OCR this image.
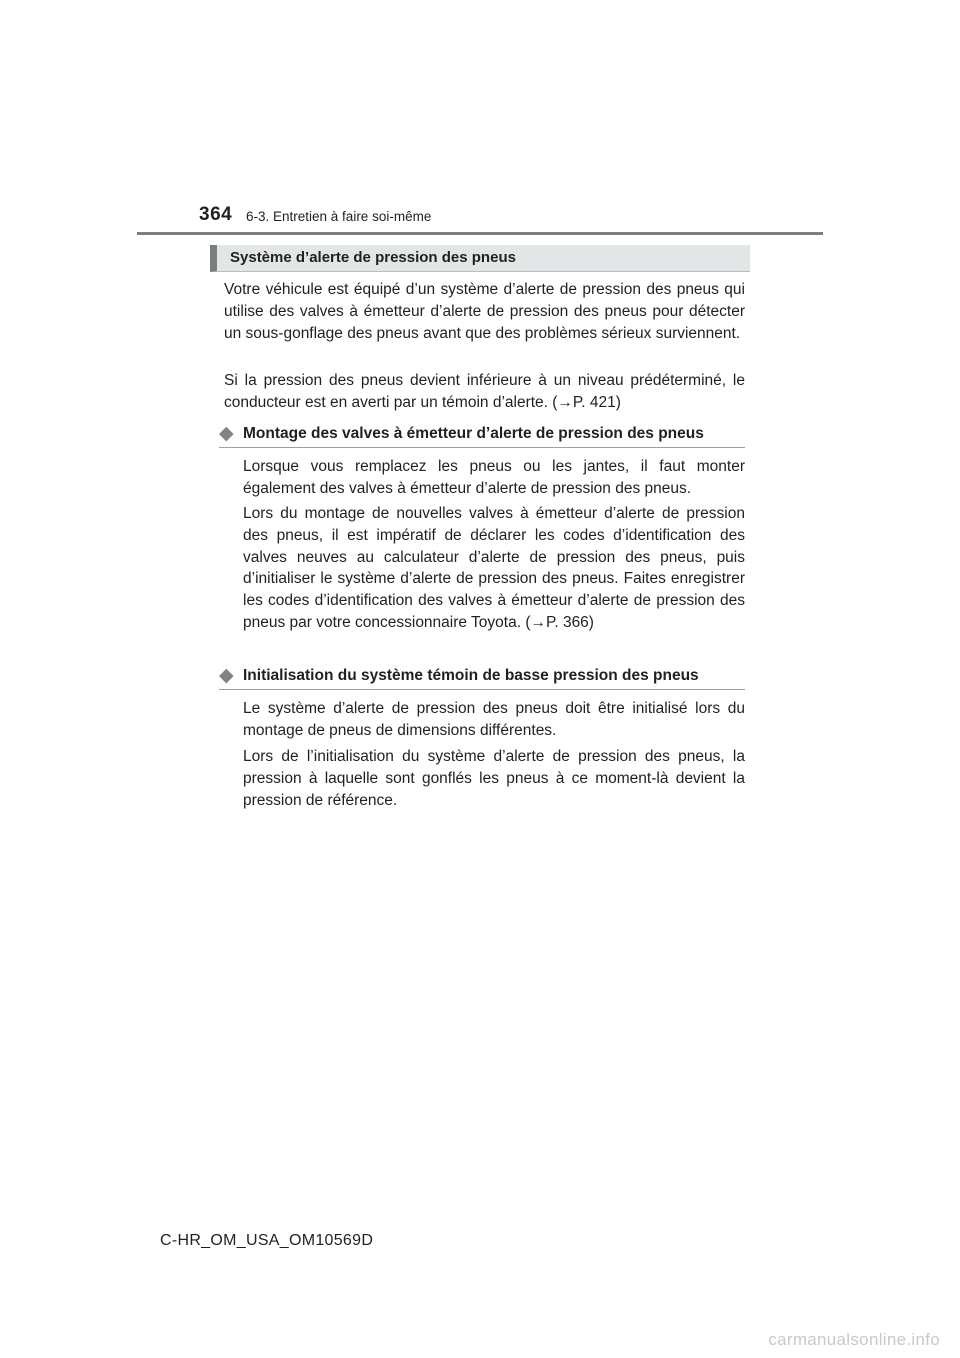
364 6-3. Entretien à faire soi-même
Système d’alerte de pression des pneus

Votre véhicule est équipé d’un système d’alerte de pression des pneus qui utilise des valves à émetteur d’alerte de pression des pneus pour détecter un sous-gonflage des pneus avant que des problèmes sérieux surviennent.

Si la pression des pneus devient inférieure à un niveau prédéterminé, le conducteur est en averti par un témoin d’alerte. (→P. 421)

◆ Montage des valves à émetteur d’alerte de pression des pneus

Lorsque vous remplacez les pneus ou les jantes, il faut monter également des valves à émetteur d’alerte de pression des pneus.

Lors du montage de nouvelles valves à émetteur d’alerte de pression des pneus, il est impératif de déclarer les codes d’identification des valves neuves au calculateur d’alerte de pression des pneus, puis d’initialiser le système d’alerte de pression des pneus. Faites enregistrer les codes d’identification des valves à émetteur d’alerte de pression des pneus par votre concessionnaire Toyota. (→P. 366)

◆ Initialisation du système témoin de basse pression des pneus

Le système d’alerte de pression des pneus doit être initialisé lors du montage de pneus de dimensions différentes.

Lors de l’initialisation du système d’alerte de pression des pneus, la pression à laquelle sont gonflés les pneus à ce moment-là devient la pression de référence.

C-HR_OM_USA_OM10569D
carmanualsonline.info
